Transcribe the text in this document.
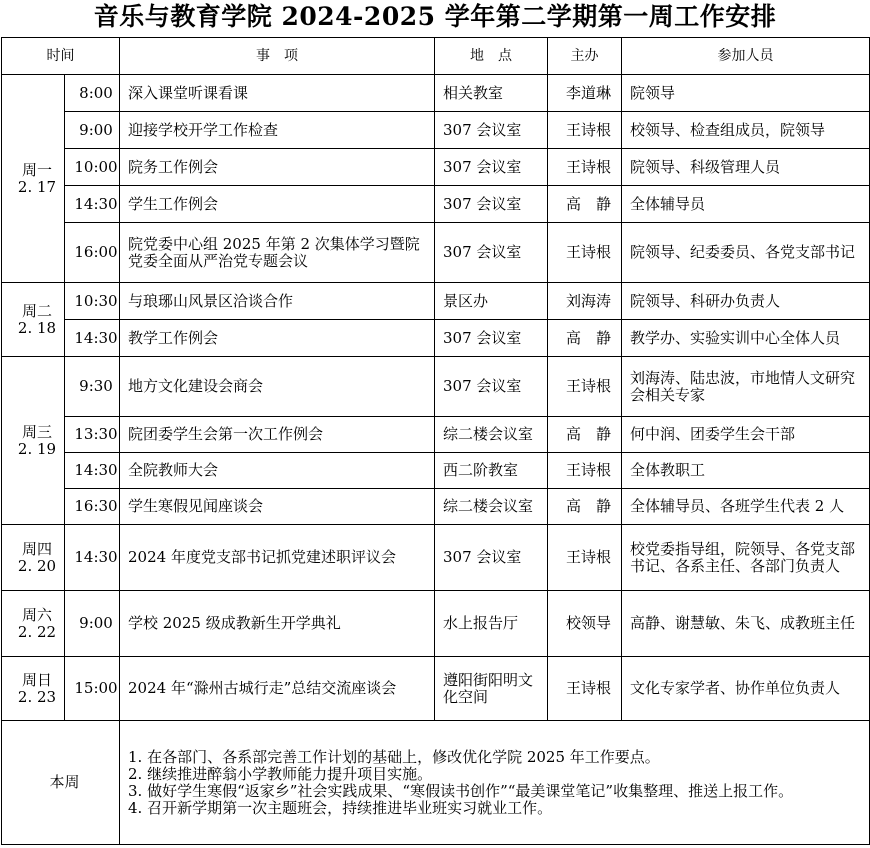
音乐与教育学院 2024-2025 学年第二学期第一周工作安排
时间		事　项	地　点	主办	参加人员

周一
2. 17	8:00	深入课堂听课看课	相关教室	李道琳	院领导
	9:00	迎接学校开学工作检查	307 会议室	王诗根	校领导、检查组成员，院领导
	10:00	院务工作例会	307 会议室	王诗根	院领导、科级管理人员
	14:30	学生工作例会	307 会议室	高　静	全体辅导员
	16:00	院党委中心组 2025 年第 2 次集体学习暨院党委全面从严治党专题会议	307 会议室	王诗根	院领导、纪委委员、各党支部书记

周二
2. 18	10:30	与琅琊山风景区洽谈合作	景区办	刘海涛	院领导、科研办负责人
	14:30	教学工作例会	307 会议室	高　静	教学办、实验实训中心全体人员

周三
2. 19	9:30	地方文化建设会商会	307 会议室	王诗根	刘海涛、陆忠波，市地情人文研究会相关专家
	13:30	院团委学生会第一次工作例会	综二楼会议室	高　静	何中润、团委学生会干部
	14:30	全院教师大会	西二阶教室	王诗根	全体教职工
	16:30	学生寒假见闻座谈会	综二楼会议室	高　静	全体辅导员、各班学生代表 2 人

周四
2. 20	14:30	2024 年度党支部书记抓党建述职评议会	307 会议室	王诗根	校党委指导组，院领导、各党支部书记、各系主任、各部门负责人

周六
2. 22	9:00	学校 2025 级成教新生开学典礼	水上报告厅	校领导	高静、谢慧敏、朱飞、成教班主任

周日
2. 23	15:00	2024 年“滁州古城行走”总结交流座谈会	遵阳街阳明文化空间	王诗根	文化专家学者、协作单位负责人
本周		1. 在各部门、各系部完善工作计划的基础上，修改优化学院 2025 年工作要点。
2. 继续推进醉翁小学教师能力提升项目实施。
3. 做好学生寒假“返家乡”社会实践成果、“寒假读书创作”“最美课堂笔记”收集整理、推送上报工作。
4. 召开新学期第一次主题班会，持续推进毕业班实习就业工作。			
